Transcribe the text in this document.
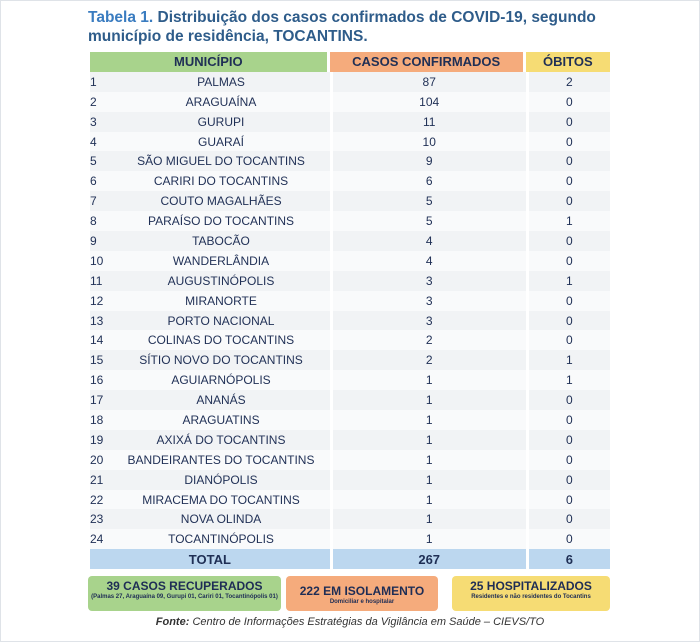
Tabela 1. Distribuição dos casos confirmados de COVID-19, segundo município de residência, TOCANTINS.
MUNICÍPIO		CASOS CONFIRMADOS	ÓBITOS
1	PALMAS	87	2
2	ARAGUAÍNA	104	0
3	GURUPI	11	0
4	GUARAÍ	10	0
5	SÃO MIGUEL DO TOCANTINS	9	0
6	CARIRI DO TOCANTINS	6	0
7	COUTO MAGALHÃES	5	0
8	PARAÍSO DO TOCANTINS	5	1
9	TABOCÃO	4	0
10	WANDERLÂNDIA	4	0
11	AUGUSTINÓPOLIS	3	1
12	MIRANORTE	3	0
13	PORTO NACIONAL	3	0
14	COLINAS DO TOCANTINS	2	0
15	SÍTIO NOVO DO TOCANTINS	2	1
16	AGUIARNÓPOLIS	1	1
17	ANANÁS	1	0
18	ARAGUATINS	1	0
19	AXIXÁ DO TOCANTINS	1	0
20	BANDEIRANTES DO TOCANTINS	1	0
21	DIANÓPOLIS	1	0
22	MIRACEMA DO TOCANTINS	1	0
23	NOVA OLINDA	1	0
24	TOCANTINÓPOLIS	1	0
TOTAL		267	6
39 CASOS RECUPERADOS
(Palmas 27, Araguaína 09, Gurupi 01, Cariri 01, Tocantinópolis 01)	222 EM ISOLAMENTO
Domiciliar e hospitalar
25 HOSPITALIZADOS
Residentes e não residentes do Tocantins
Fonte: Centro de Informações Estratégias da Vigilância em Saúde – CIEVS/TO
